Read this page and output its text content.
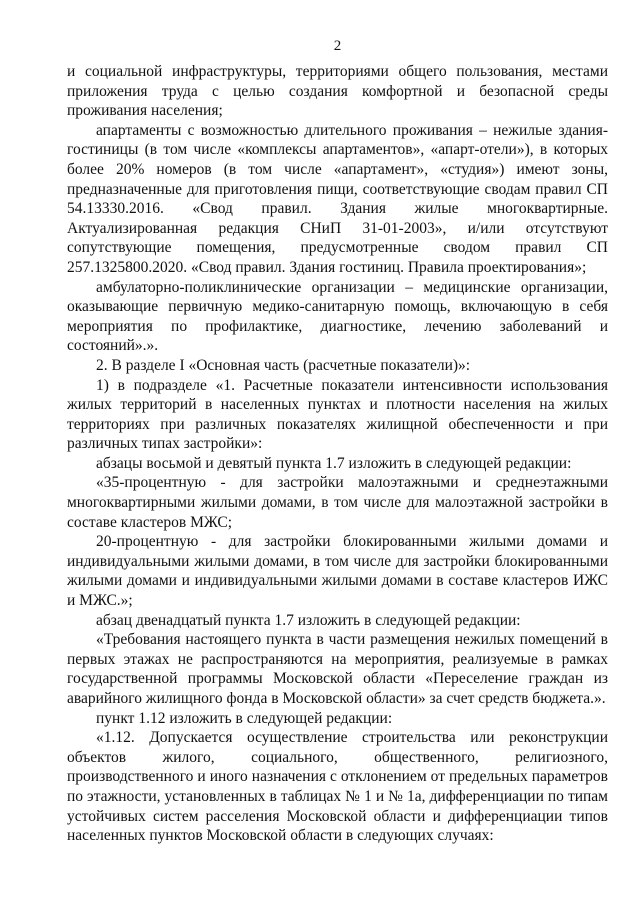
2

и социальной инфраструктуры, территориями общего пользования, местами приложения труда с целью создания комфортной и безопасной среды проживания населения;

апартаменты с возможностью длительного проживания – нежилые здания-гостиницы (в том числе «комплексы апартаментов», «апарт-отели»), в которых более 20% номеров (в том числе «апартамент», «студия») имеют зоны, предназначенные для приготовления пищи, соответствующие сводам правил СП 54.13330.2016. «Свод правил. Здания жилые многоквартирные. Актуализированная редакция СНиП 31-01-2003», и/или отсутствуют сопутствующие помещения, предусмотренные сводом правил СП 257.1325800.2020. «Свод правил. Здания гостиниц. Правила проектирования»;

амбулаторно-поликлинические организации – медицинские организации, оказывающие первичную медико-санитарную помощь, включающую в себя мероприятия по профилактике, диагностике, лечению заболеваний и состояний».».

2. В разделе I «Основная часть (расчетные показатели)»:

1) в подразделе «1. Расчетные показатели интенсивности использования жилых территорий в населенных пунктах и плотности населения на жилых территориях при различных показателях жилищной обеспеченности и при различных типах застройки»:

абзацы восьмой и девятый пункта 1.7 изложить в следующей редакции:

«35-процентную - для застройки малоэтажными и среднеэтажными многоквартирными жилыми домами, в том числе для малоэтажной застройки в составе кластеров МЖС;

20-процентную - для застройки блокированными жилыми домами и индивидуальными жилыми домами, в том числе для застройки блокированными жилыми домами и индивидуальными жилыми домами в составе кластеров ИЖС и МЖС.»;

абзац двенадцатый пункта 1.7 изложить в следующей редакции:

«Требования настоящего пункта в части размещения нежилых помещений в первых этажах не распространяются на мероприятия, реализуемые в рамках государственной программы Московской области «Переселение граждан из аварийного жилищного фонда в Московской области» за счет средств бюджета.».

пункт 1.12 изложить в следующей редакции:

«1.12. Допускается осуществление строительства или реконструкции объектов жилого, социального, общественного, религиозного, производственного и иного назначения с отклонением от предельных параметров по этажности, установленных в таблицах № 1 и № 1а, дифференциации по типам устойчивых систем расселения Московской области и дифференциации типов населенных пунктов Московской области в следующих случаях:
